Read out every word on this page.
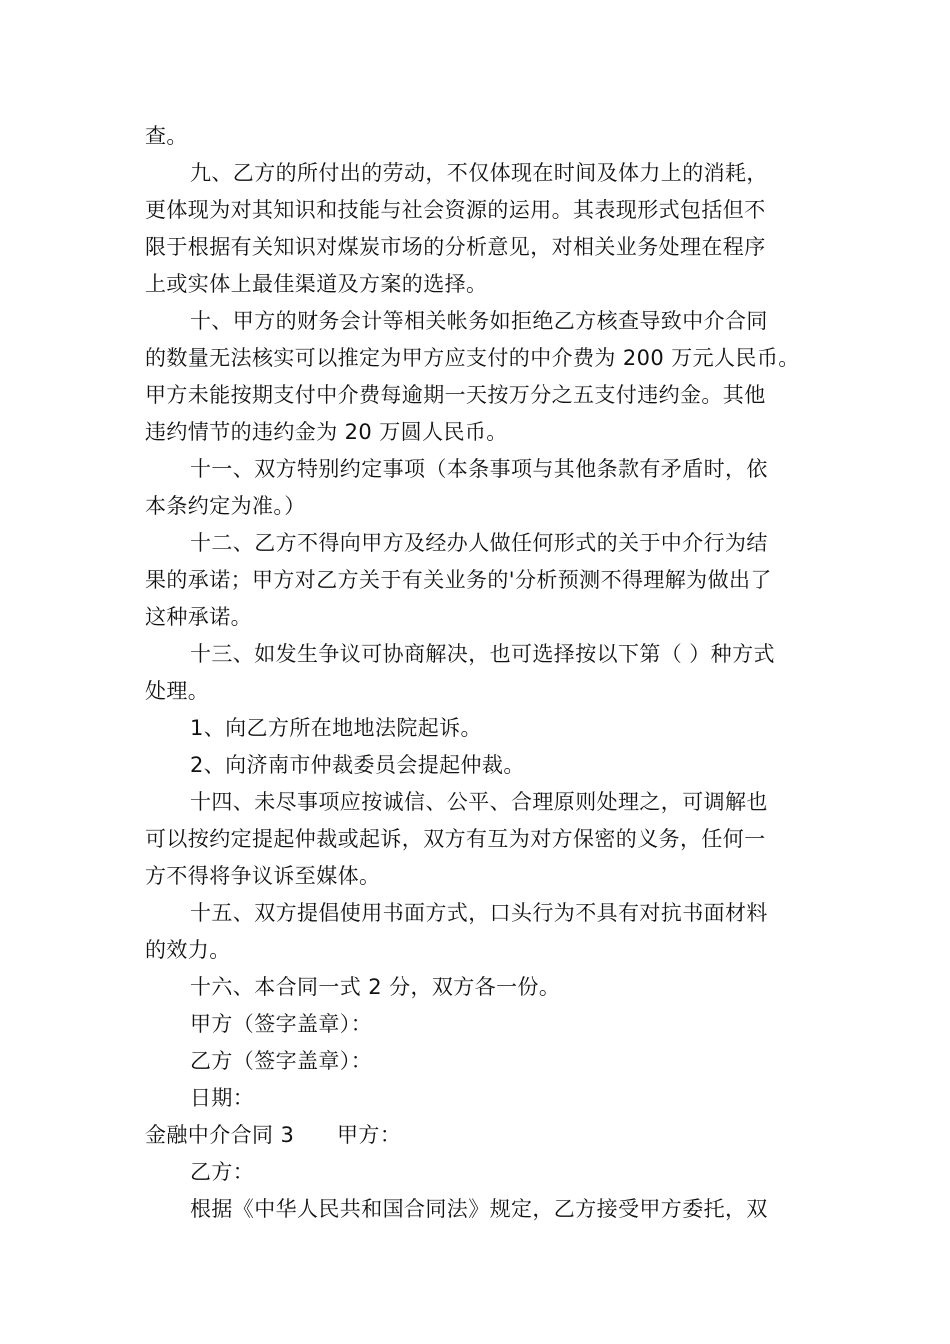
查。
九、乙方的所付出的劳动，不仅体现在时间及体力上的消耗，
更体现为对其知识和技能与社会资源的运用。其表现形式包括但不
限于根据有关知识对煤炭市场的分析意见，对相关业务处理在程序
上或实体上最佳渠道及方案的选择。
十、甲方的财务会计等相关帐务如拒绝乙方核查导致中介合同
的数量无法核实可以推定为甲方应支付的中介费为 200 万元人民币。
甲方未能按期支付中介费每逾期一天按万分之五支付违约金。其他
违约情节的违约金为 20 万圆人民币。
十一、双方特别约定事项（本条事项与其他条款有矛盾时，依
本条约定为准。）
十二、乙方不得向甲方及经办人做任何形式的关于中介行为结
果的承诺；甲方对乙方关于有关业务的'分析预测不得理解为做出了
这种承诺。
十三、如发生争议可协商解决，也可选择按以下第（ ）种方式
处理。
1、向乙方所在地地法院起诉。
2、向济南市仲裁委员会提起仲裁。
十四、未尽事项应按诚信、公平、合理原则处理之，可调解也
可以按约定提起仲裁或起诉，双方有互为对方保密的义务，任何一
方不得将争议诉至媒体。
十五、双方提倡使用书面方式，口头行为不具有对抗书面材料
的效力。
十六、本合同一式 2 分，双方各一份。
甲方（签字盖章）：
乙方（签字盖章）：
日期：
金融中介合同 3　　甲方：
乙方：
根据《中华人民共和国合同法》规定，乙方接受甲方委托，双
